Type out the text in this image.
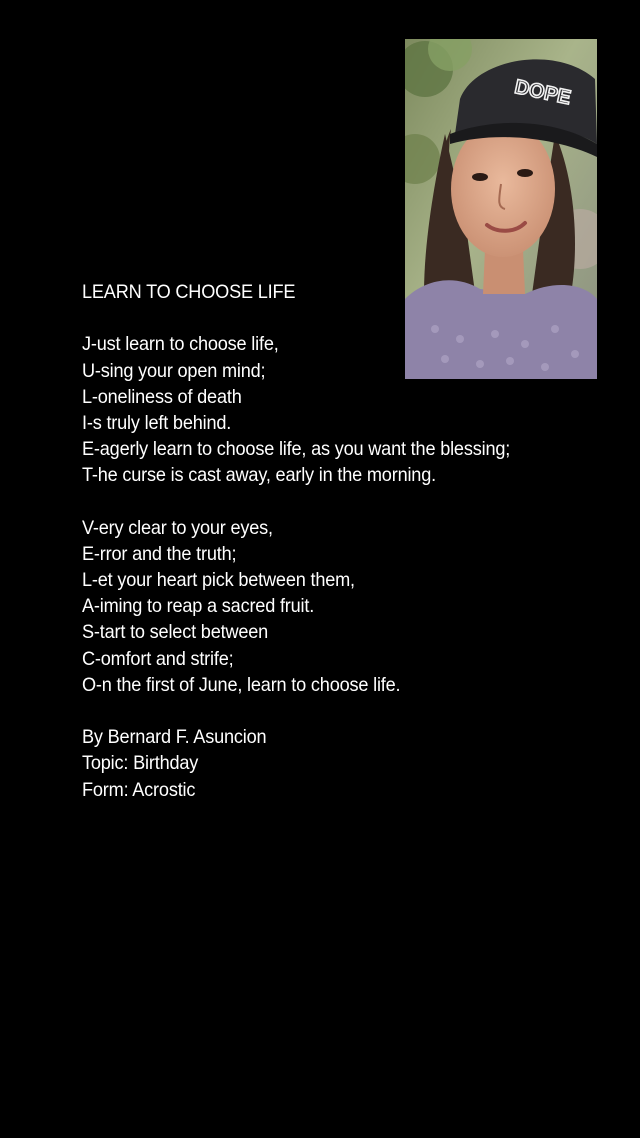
DOPE
LEARN TO CHOOSE LIFE
J-ust learn to choose life,
U-sing your open mind;
L-oneliness of death
I-s truly left behind.
E-agerly learn to choose life, as you want the blessing;
T-he curse is cast away, early in the morning.
V-ery clear to your eyes,
E-rror and the truth;
L-et your heart pick between them,
A-iming to reap a sacred fruit.
S-tart to select between
C-omfort and strife;
O-n the first of June, learn to choose life.
By Bernard F. Asuncion
Topic: Birthday
Form: Acrostic
